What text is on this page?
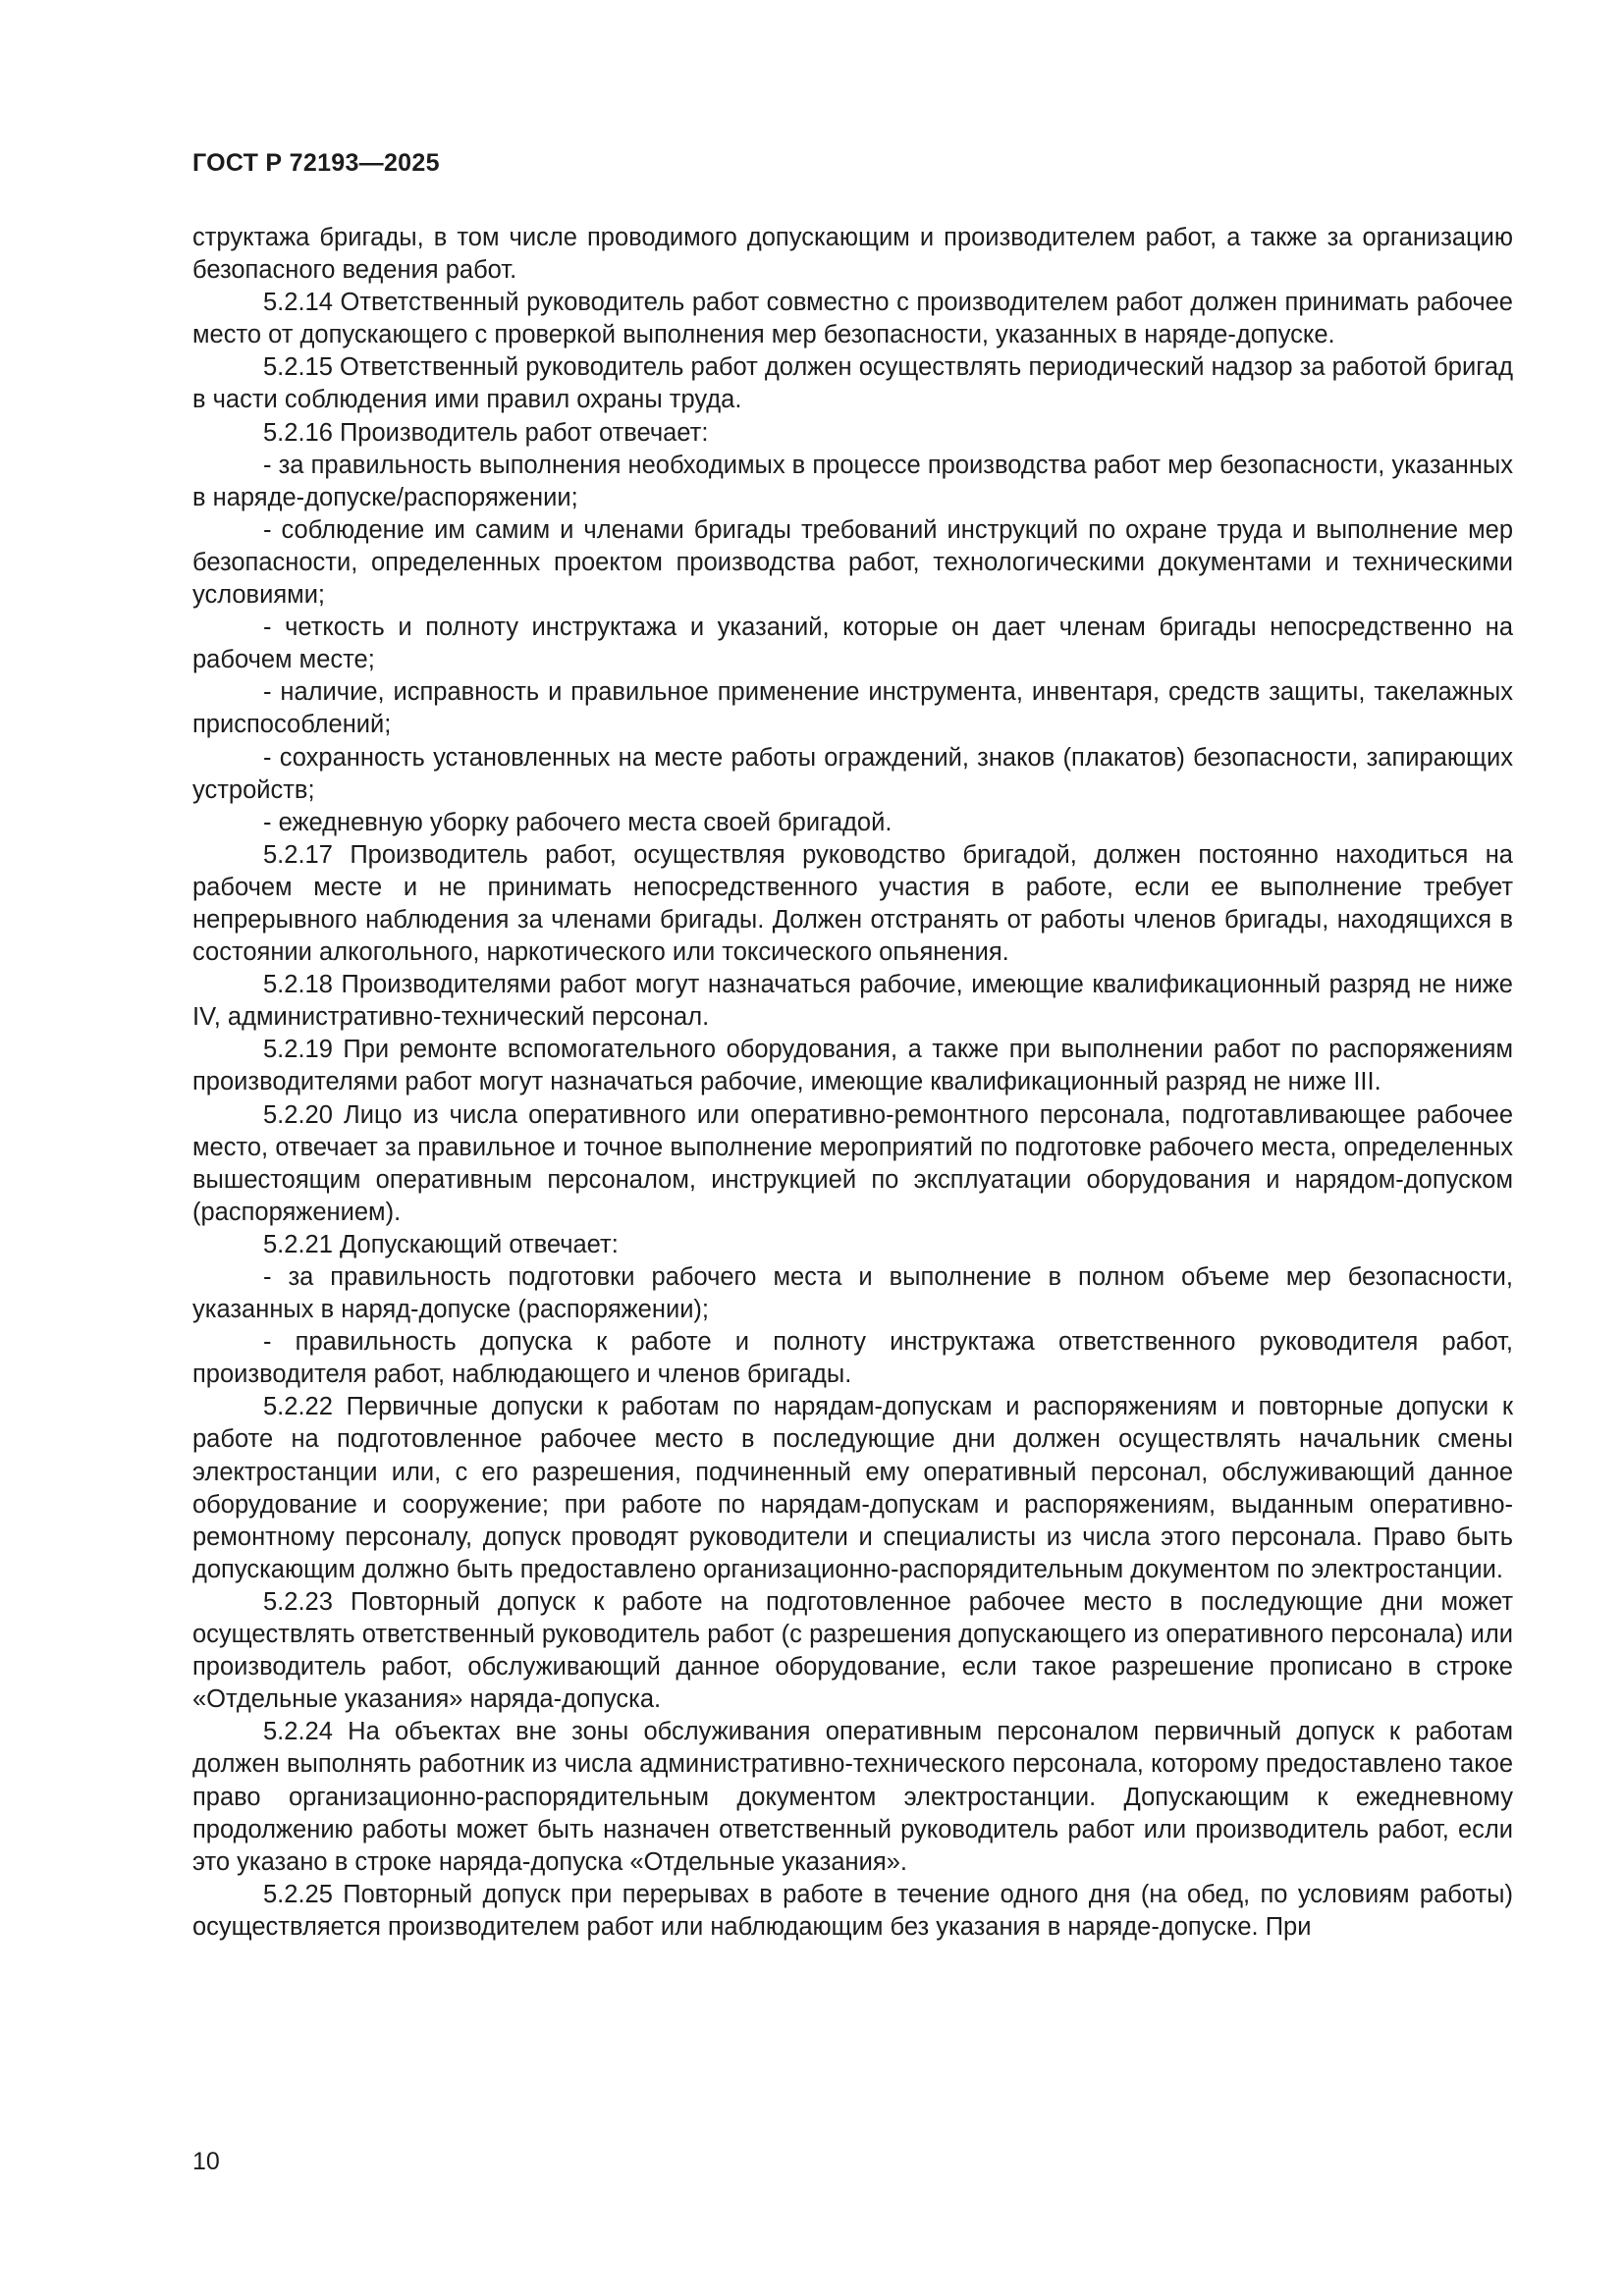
ГОСТ Р 72193—2025

структажа бригады, в том числе проводимого допускающим и производителем работ, а также за организацию безопасного ведения работ.

5.2.14 Ответственный руководитель работ совместно с производителем работ должен принимать рабочее место от допускающего с проверкой выполнения мер безопасности, указанных в наряде-допуске.

5.2.15 Ответственный руководитель работ должен осуществлять периодический надзор за работой бригад в части соблюдения ими правил охраны труда.

5.2.16 Производитель работ отвечает:

- за правильность выполнения необходимых в процессе производства работ мер безопасности, указанных в наряде-допуске/распоряжении;

- соблюдение им самим и членами бригады требований инструкций по охране труда и выполнение мер безопасности, определенных проектом производства работ, технологическими документами и техническими условиями;

- четкость и полноту инструктажа и указаний, которые он дает членам бригады непосредственно на рабочем месте;

- наличие, исправность и правильное применение инструмента, инвентаря, средств защиты, такелажных приспособлений;

- сохранность установленных на месте работы ограждений, знаков (плакатов) безопасности, запирающих устройств;

- ежедневную уборку рабочего места своей бригадой.

5.2.17 Производитель работ, осуществляя руководство бригадой, должен постоянно находиться на рабочем месте и не принимать непосредственного участия в работе, если ее выполнение требует непрерывного наблюдения за членами бригады. Должен отстранять от работы членов бригады, находящихся в состоянии алкогольного, наркотического или токсического опьянения.

5.2.18 Производителями работ могут назначаться рабочие, имеющие квалификационный разряд не ниже IV, административно-технический персонал.

5.2.19 При ремонте вспомогательного оборудования, а также при выполнении работ по распоряжениям производителями работ могут назначаться рабочие, имеющие квалификационный разряд не ниже III.

5.2.20 Лицо из числа оперативного или оперативно-ремонтного персонала, подготавливающее рабочее место, отвечает за правильное и точное выполнение мероприятий по подготовке рабочего места, определенных вышестоящим оперативным персоналом, инструкцией по эксплуатации оборудования и нарядом-допуском (распоряжением).

5.2.21 Допускающий отвечает:

- за правильность подготовки рабочего места и выполнение в полном объеме мер безопасности, указанных в наряд-допуске (распоряжении);

- правильность допуска к работе и полноту инструктажа ответственного руководителя работ, производителя работ, наблюдающего и членов бригады.

5.2.22 Первичные допуски к работам по нарядам-допускам и распоряжениям и повторные допуски к работе на подготовленное рабочее место в последующие дни должен осуществлять начальник смены электростанции или, с его разрешения, подчиненный ему оперативный персонал, обслуживающий данное оборудование и сооружение; при работе по нарядам-допускам и распоряжениям, выданным оперативно-ремонтному персоналу, допуск проводят руководители и специалисты из числа этого персонала. Право быть допускающим должно быть предоставлено организационно-распорядительным документом по электростанции.

5.2.23 Повторный допуск к работе на подготовленное рабочее место в последующие дни может осуществлять ответственный руководитель работ (с разрешения допускающего из оперативного персонала) или производитель работ, обслуживающий данное оборудование, если такое разрешение прописано в строке «Отдельные указания» наряда-допуска.

5.2.24 На объектах вне зоны обслуживания оперативным персоналом первичный допуск к работам должен выполнять работник из числа административно-технического персонала, которому предоставлено такое право организационно-распорядительным документом электростанции. Допускающим к ежедневному продолжению работы может быть назначен ответственный руководитель работ или производитель работ, если это указано в строке наряда-допуска «Отдельные указания».

5.2.25 Повторный допуск при перерывах в работе в течение одного дня (на обед, по условиям работы) осуществляется производителем работ или наблюдающим без указания в наряде-допуске. При

10
